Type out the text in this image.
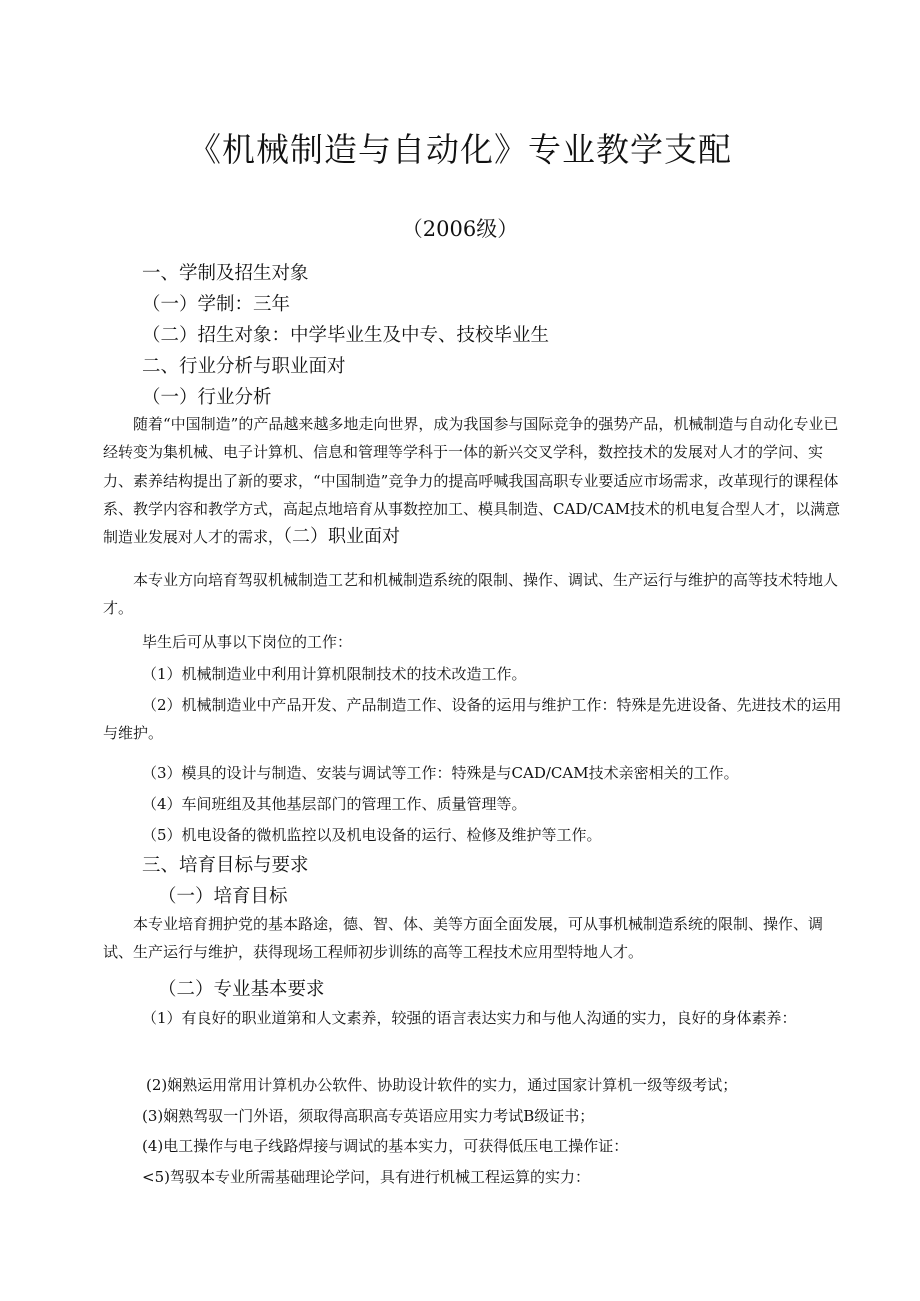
《机械制造与自动化》专业教学支配
（2006级）
一、学制及招生对象
（一）学制：三年
（二）招生对象：中学毕业生及中专、技校毕业生
二、行业分析与职业面对
（一）行业分析
随着“中国制造”的产品越来越多地走向世界，成为我国参与国际竞争的强势产品，机械制造与自动化专业已经转变为集机械、电子计算机、信息和管理等学科于一体的新兴交叉学科，数控技术的发展对人才的学问、实力、素养结构提出了新的要求，“中国制造”竞争力的提高呼喊我国高职专业要适应市场需求，改革现行的课程体系、教学内容和教学方式，高起点地培育从事数控加工、模具制造、CAD/CAM技术的机电复合型人才，以满意制造业发展对人才的需求，（二）职业面对
本专业方向培育驾驭机械制造工艺和机械制造系统的限制、操作、调试、生产运行与维护的高等技术特地人才。
毕生后可从事以下岗位的工作：
（1）机械制造业中利用计算机限制技术的技术改造工作。
（2）机械制造业中产品开发、产品制造工作、设备的运用与维护工作：特殊是先进设备、先进技术的运用与维护。
（3）模具的设计与制造、安装与调试等工作：特殊是与CAD/CAM技术亲密相关的工作。
（4）车间班组及其他基层部门的管理工作、质量管理等。
（5）机电设备的微机监控以及机电设备的运行、检修及维护等工作。
三、培育目标与要求
（一）培育目标
本专业培育拥护党的基本路途，德、智、体、美等方面全面发展，可从事机械制造系统的限制、操作、调试、生产运行与维护，获得现场工程师初步训练的高等工程技术应用型特地人才。
（二）专业基本要求
（1）有良好的职业道第和人文素养，较强的语言表达实力和与他人沟通的实力，良好的身体素养：
(2)娴熟运用常用计算机办公软件、协助设计软件的实力，通过国家计算机一级等级考试；
(3)娴熟驾驭一门外语，须取得高职高专英语应用实力考试B级证书；
(4)电工操作与电子线路焊接与调试的基本实力，可获得低压电工操作证：
<5)驾驭本专业所需基础理论学问，具有进行机械工程运算的实力：
